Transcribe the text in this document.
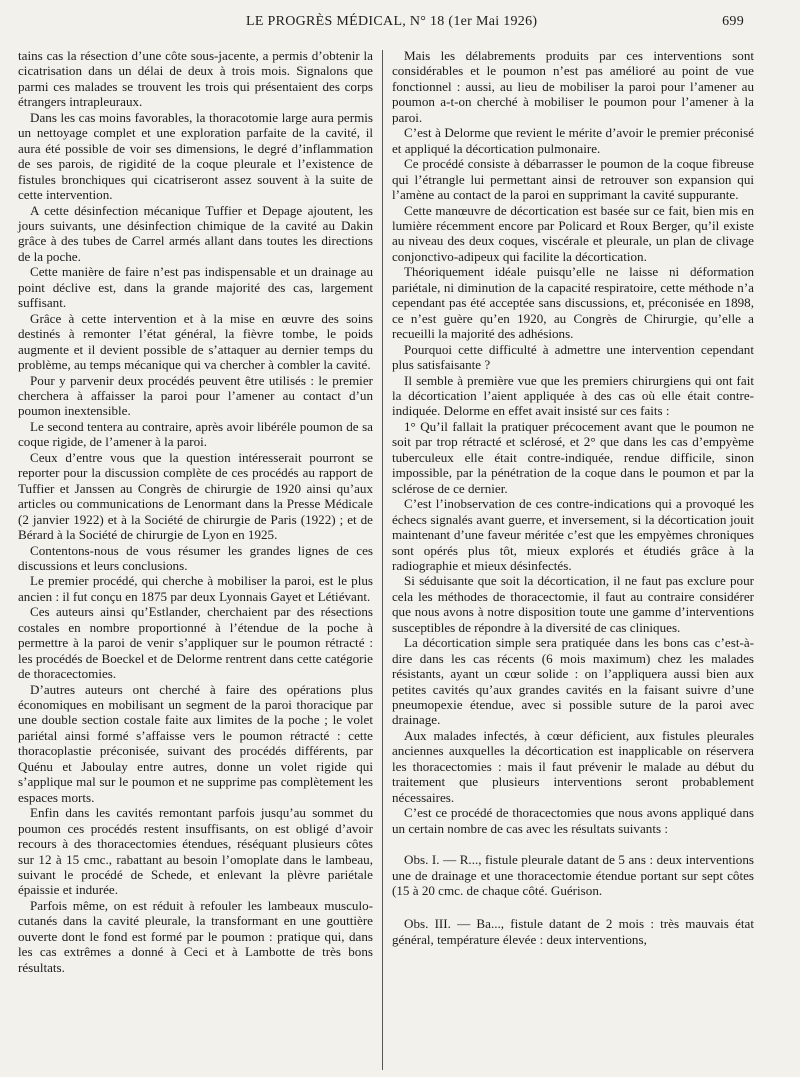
LE PROGRÈS MÉDICAL, N° 18 (1er Mai 1926)	699

tains cas la résection d’une côte sous-jacente, a permis d’obtenir la cicatrisation dans un délai de deux à trois mois. Signalons que parmi ces malades se trouvent les trois qui présentaient des corps étrangers intrapleuraux.

Dans les cas moins favorables, la thoracotomie large aura permis un nettoyage complet et une exploration parfaite de la cavité, il aura été possible de voir ses dimensions, le degré d’inflammation de ses parois, de rigidité de la coque pleurale et l’existence de fistules bronchiques qui cicatriseront assez souvent à la suite de cette intervention.

A cette désinfection mécanique Tuffier et Depage ajoutent, les jours suivants, une désinfection chimique de la cavité au Dakin grâce à des tubes de Carrel armés allant dans toutes les directions de la poche.

Cette manière de faire n’est pas indispensable et un drainage au point déclive est, dans la grande majorité des cas, largement suffisant.

Grâce à cette intervention et à la mise en œuvre des soins destinés à remonter l’état général, la fièvre tombe, le poids augmente et il devient possible de s’attaquer au dernier temps du problème, au temps mécanique qui va chercher à combler la cavité.

Pour y parvenir deux procédés peuvent être utilisés : le premier cherchera à affaisser la paroi pour l’amener au contact d’un poumon inextensible.

Le second tentera au contraire, après avoir libéréle poumon de sa coque rigide, de l’amener à la paroi.

Ceux d’entre vous que la question intéresserait pourront se reporter pour la discussion complète de ces procédés au rapport de Tuffier et Janssen au Congrès de chirurgie de 1920 ainsi qu’aux articles ou communications de Lenormant dans la Presse Médicale (2 janvier 1922) et à la Société de chirurgie de Paris (1922) ; et de Bérard à la Société de chirurgie de Lyon en 1925.

Contentons-nous de vous résumer les grandes lignes de ces discussions et leurs conclusions.

Le premier procédé, qui cherche à mobiliser la paroi, est le plus ancien : il fut conçu en 1875 par deux Lyonnais Gayet et Létiévant.

Ces auteurs ainsi qu’Estlander, cherchaient par des résections costales en nombre proportionné à l’étendue de la poche à permettre à la paroi de venir s’appliquer sur le poumon rétracté : les procédés de Boeckel et de Delorme rentrent dans cette catégorie de thoracectomies.

D’autres auteurs ont cherché à faire des opérations plus économiques en mobilisant un segment de la paroi thoracique par une double section costale faite aux limites de la poche ; le volet pariétal ainsi formé s’affaisse vers le poumon rétracté : cette thoracoplastie préconisée, suivant des procédés différents, par Quénu et Jaboulay entre autres, donne un volet rigide qui s’applique mal sur le poumon et ne supprime pas complètement les espaces morts.

Enfin dans les cavités remontant parfois jusqu’au sommet du poumon ces procédés restent insuffisants, on est obligé d’avoir recours à des thoracectomies étendues, réséquant plusieurs côtes sur 12 à 15 cmc., rabattant au besoin l’omoplate dans le lambeau, suivant le procédé de Schede, et enlevant la plèvre pariétale épaissie et indurée.

Parfois même, on est réduit à refouler les lambeaux musculo-cutanés dans la cavité pleurale, la transformant en une gouttière ouverte dont le fond est formé par le poumon : pratique qui, dans les cas extrêmes a donné à Ceci et à Lambotte de très bons résultats.

Mais les délabrements produits par ces interventions sont considérables et le poumon n’est pas amélioré au point de vue fonctionnel : aussi, au lieu de mobiliser la paroi pour l’amener au poumon a-t-on cherché à mobiliser le poumon pour l’amener à la paroi.

C’est à Delorme que revient le mérite d’avoir le premier préconisé et appliqué la décortication pulmonaire.

Ce procédé consiste à débarrasser le poumon de la coque fibreuse qui l’étrangle lui permettant ainsi de retrouver son expansion qui l’amène au contact de la paroi en supprimant la cavité suppurante.

Cette manœuvre de décortication est basée sur ce fait, bien mis en lumière récemment encore par Policard et Roux Berger, qu’il existe au niveau des deux coques, viscérale et pleurale, un plan de clivage conjonctivo-adipeux qui facilite la décortication.

Théoriquement idéale puisqu’elle ne laisse ni déformation pariétale, ni diminution de la capacité respiratoire, cette méthode n’a cependant pas été acceptée sans discussions, et, préconisée en 1898, ce n’est guère qu’en 1920, au Congrès de Chirurgie, qu’elle a recueilli la majorité des adhésions.

Pourquoi cette difficulté à admettre une intervention cependant plus satisfaisante ?

Il semble à première vue que les premiers chirurgiens qui ont fait la décortication l’aient appliquée à des cas où elle était contre-indiquée. Delorme en effet avait insisté sur ces faits :

1° Qu’il fallait la pratiquer précocement avant que le poumon ne soit par trop rétracté et sclérosé, et 2° que dans les cas d’empyème tuberculeux elle était contre-indiquée, rendue difficile, sinon impossible, par la pénétration de la coque dans le poumon et par la sclérose de ce dernier.

C’est l’inobservation de ces contre-indications qui a provoqué les échecs signalés avant guerre, et inversement, si la décortication jouit maintenant d’une faveur méritée c’est que les empyèmes chroniques sont opérés plus tôt, mieux explorés et étudiés grâce à la radiographie et mieux désinfectés.

Si séduisante que soit la décortication, il ne faut pas exclure pour cela les méthodes de thoracectomie, il faut au contraire considérer que nous avons à notre disposition toute une gamme d’interventions susceptibles de répondre à la diversité de cas cliniques.

La décortication simple sera pratiquée dans les bons cas c’est-à-dire dans les cas récents (6 mois maximum) chez les malades résistants, ayant un cœur solide : on l’appliquera aussi bien aux petites cavités qu’aux grandes cavités en la faisant suivre d’une pneumopexie étendue, avec si possible suture de la paroi avec drainage.

Aux malades infectés, à cœur déficient, aux fistules pleurales anciennes auxquelles la décortication est inapplicable on réservera les thoracectomies : mais il faut prévenir le malade au début du traitement que plusieurs interventions seront probablement nécessaires.

C’est ce procédé de thoracectomies que nous avons appliqué dans un certain nombre de cas avec les résultats suivants :

Obs. I. — R..., fistule pleurale datant de 5 ans : deux interventions une de drainage et une thoracectomie étendue portant sur sept côtes (15 à 20 cmc. de chaque côté. Guérison.

Obs. III. — Ba..., fistule datant de 2 mois : très mauvais état général, température élevée : deux interventions,
